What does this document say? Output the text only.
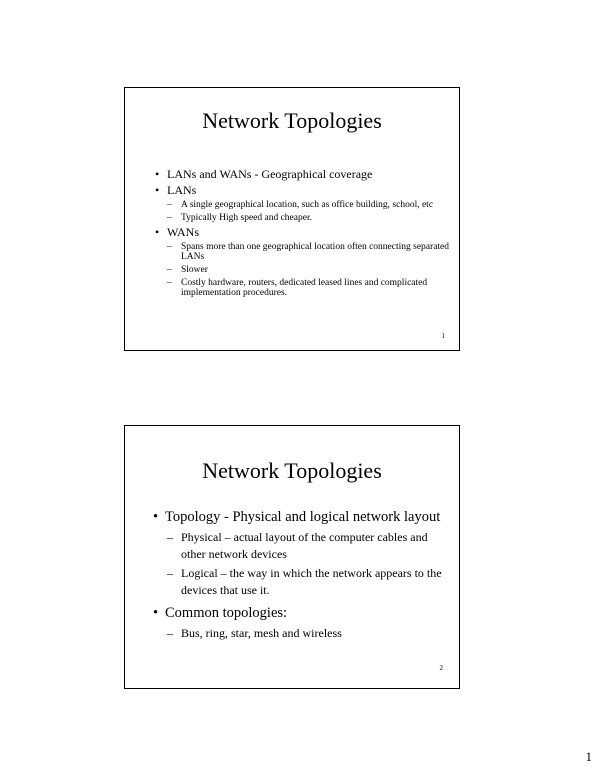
Network Topologies
• LANs and WANs - Geographical coverage
• LANs
– A single geographical location, such as office building, school, etc
– Typically High speed and cheaper.
• WANs
– Spans more than one geographical location often connecting separated LANs
– Slower
– Costly hardware, routers, dedicated leased lines and complicated implementation procedures.
1
Network Topologies
• Topology - Physical and logical network layout
– Physical – actual layout of the computer cables and other network devices
– Logical – the way in which the network appears to the devices that use it.
• Common topologies:
– Bus, ring, star, mesh and wireless
2
1
